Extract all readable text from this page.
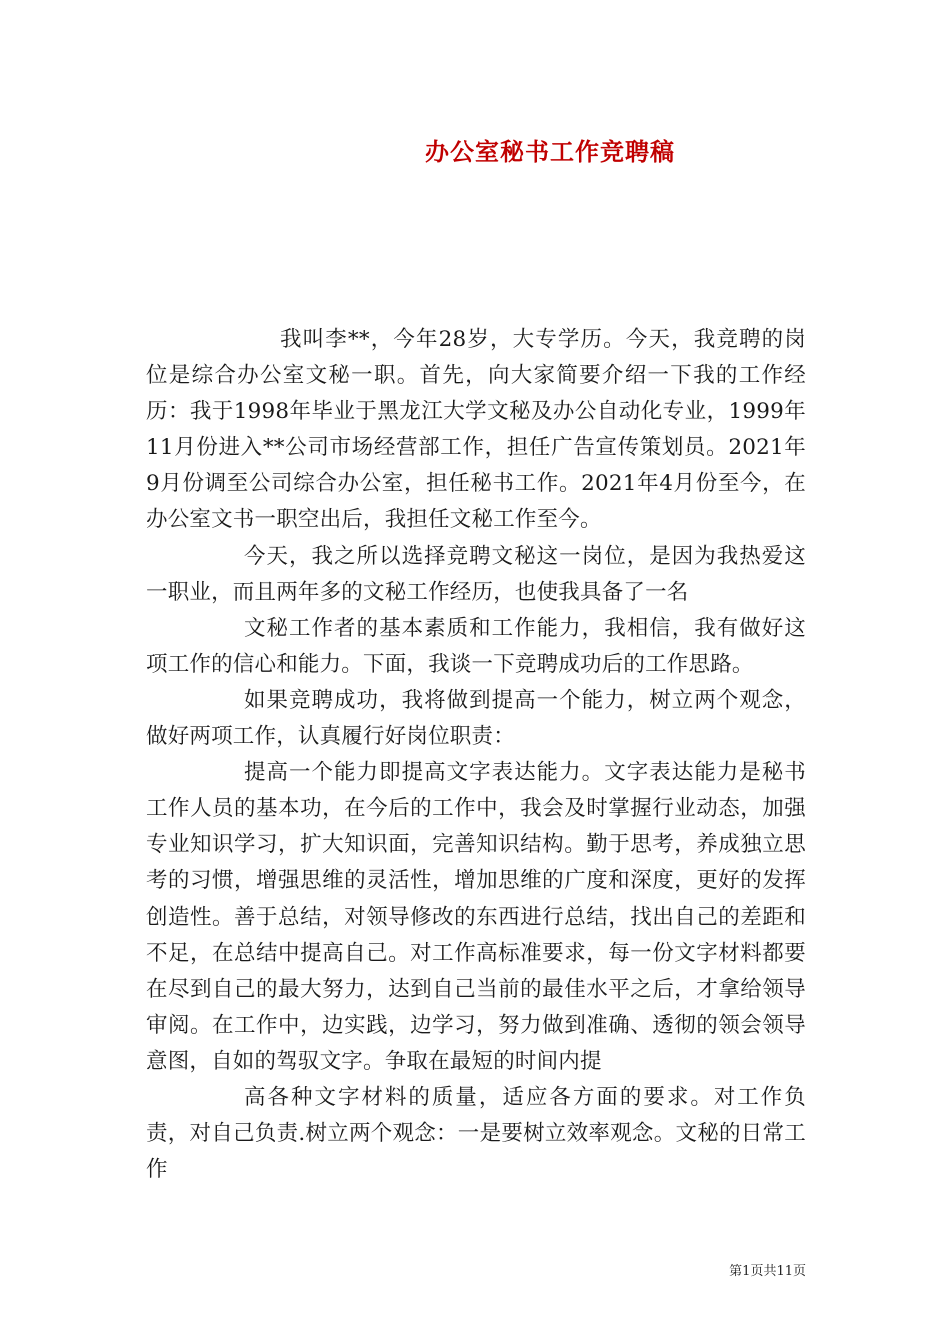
办公室秘书工作竞聘稿

我叫李**，今年28岁，大专学历。今天，我竞聘的岗位是综合办公室文秘一职。首先，向大家简要介绍一下我的工作经历：我于1998年毕业于黑龙江大学文秘及办公自动化专业，1999年11月份进入**公司市场经营部工作，担任广告宣传策划员。2021年9月份调至公司综合办公室，担任秘书工作。2021年4月份至今，在办公室文书一职空出后，我担任文秘工作至今。

今天，我之所以选择竞聘文秘这一岗位，是因为我热爱这一职业，而且两年多的文秘工作经历，也使我具备了一名

文秘工作者的基本素质和工作能力，我相信，我有做好这项工作的信心和能力。下面，我谈一下竞聘成功后的工作思路。

如果竞聘成功，我将做到提高一个能力，树立两个观念，做好两项工作，认真履行好岗位职责：

提高一个能力即提高文字表达能力。文字表达能力是秘书工作人员的基本功，在今后的工作中，我会及时掌握行业动态，加强专业知识学习，扩大知识面，完善知识结构。勤于思考，养成独立思考的习惯，增强思维的灵活性，增加思维的广度和深度，更好的发挥创造性。善于总结，对领导修改的东西进行总结，找出自己的差距和不足，在总结中提高自己。对工作高标准要求，每一份文字材料都要在尽到自己的最大努力，达到自己当前的最佳水平之后，才拿给领导审阅。在工作中，边实践，边学习，努力做到准确、透彻的领会领导意图，自如的驾驭文字。争取在最短的时间内提

高各种文字材料的质量，适应各方面的要求。对工作负责，对自己负责.树立两个观念：一是要树立效率观念。文秘的日常工作

第1页共11页
